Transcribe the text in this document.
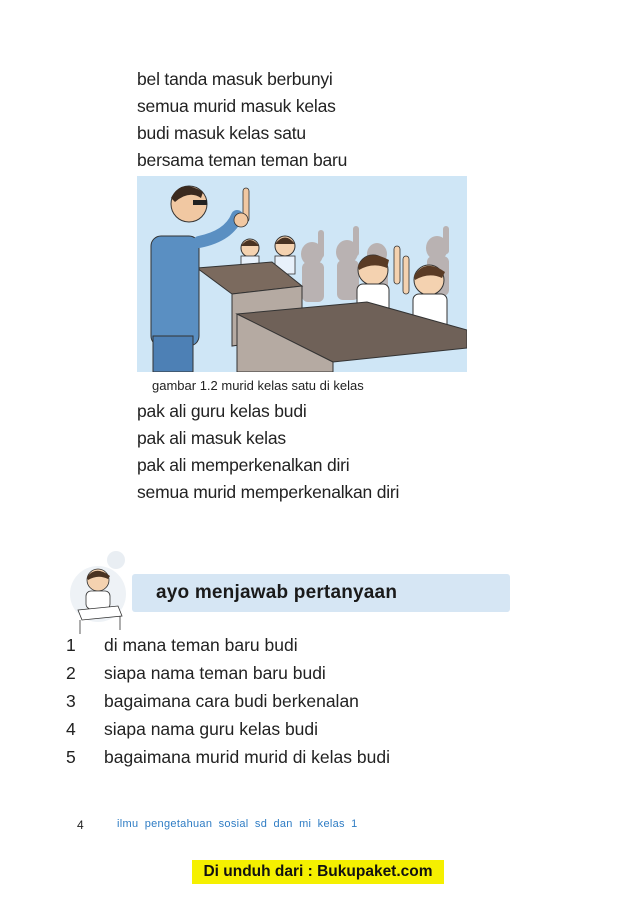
bel tanda masuk berbunyi
semua murid masuk kelas
budi masuk kelas satu
bersama teman teman baru
gambar 1.2 murid kelas satu di kelas
pak ali guru kelas budi
pak ali masuk kelas
pak ali memperkenalkan diri
semua murid memperkenalkan diri
ayo menjawab pertanyaan
1	di mana teman baru budi
2	siapa nama teman baru budi
3	bagaimana cara budi berkenalan
4	siapa nama guru kelas budi
5	bagaimana murid murid di kelas budi
4	ilmu pengetahuan sosial sd dan mi kelas 1
Di unduh dari : Bukupaket.com
